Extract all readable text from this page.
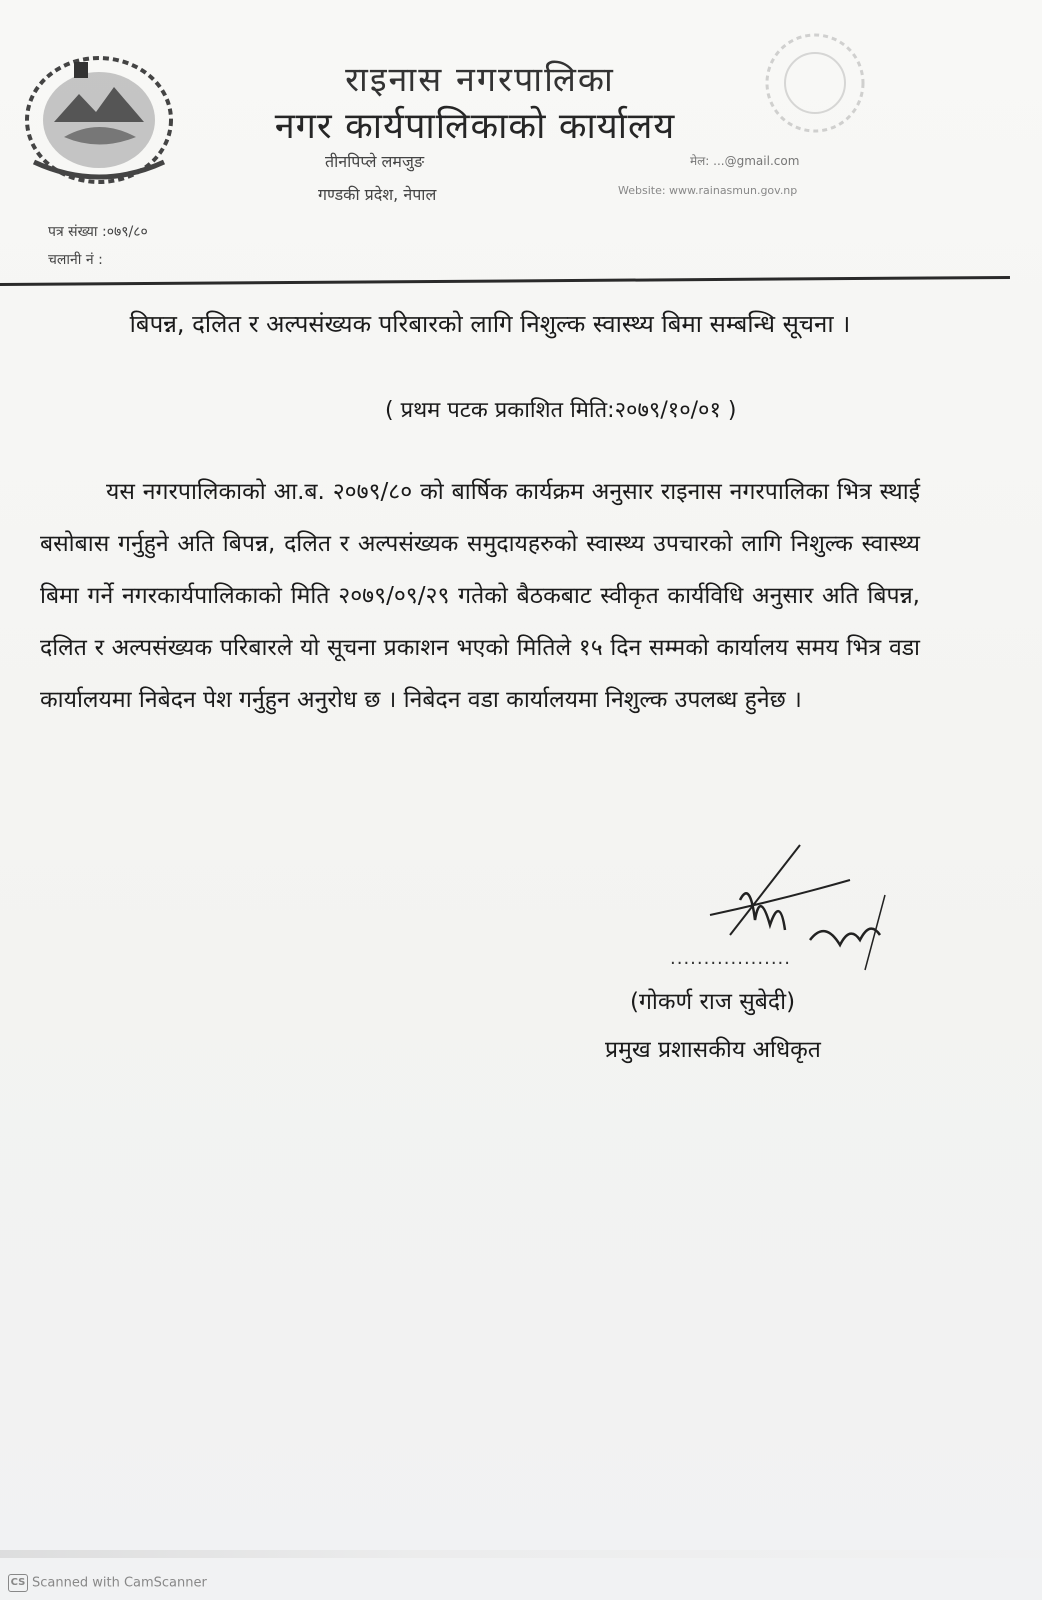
राइनास नगरपालिका
नगर कार्यपालिकाको कार्यालय
तीनपिप्ले लमजुङ
गण्डकी प्रदेश, नेपाल
मेल: ...@gmail.com
Website: www.rainasmun.gov.np
पत्र संख्या :०७९/८०
चलानी नं :
बिपन्न, दलित र अल्पसंख्यक परिबारको लागि निशुल्क स्वास्थ्य बिमा सम्बन्धि सूचना ।
( प्रथम पटक प्रकाशित मिति:२०७९/१०/०१ )
यस नगरपालिकाको आ.ब. २०७९/८० को बार्षिक कार्यक्रम अनुसार राइनास नगरपालिका भित्र स्थाई बसोबास गर्नुहुने अति बिपन्न, दलित र अल्पसंख्यक समुदायहरुको स्वास्थ्य उपचारको लागि निशुल्क स्वास्थ्य बिमा गर्ने नगरकार्यपालिकाको मिति २०७९/०९/२९ गतेको बैठकबाट स्वीकृत कार्यविधि अनुसार अति बिपन्न, दलित र अल्पसंख्यक परिबारले यो सूचना प्रकाशन भएको मितिले १५ दिन सम्मको कार्यालय समय भित्र वडा कार्यालयमा निबेदन पेश गर्नुहुन अनुरोध छ । निबेदन वडा कार्यालयमा निशुल्क उपलब्ध हुनेछ ।
..................
(गोकर्ण राज सुबेदी)
प्रमुख प्रशासकीय अधिकृत
CS Scanned with CamScanner
